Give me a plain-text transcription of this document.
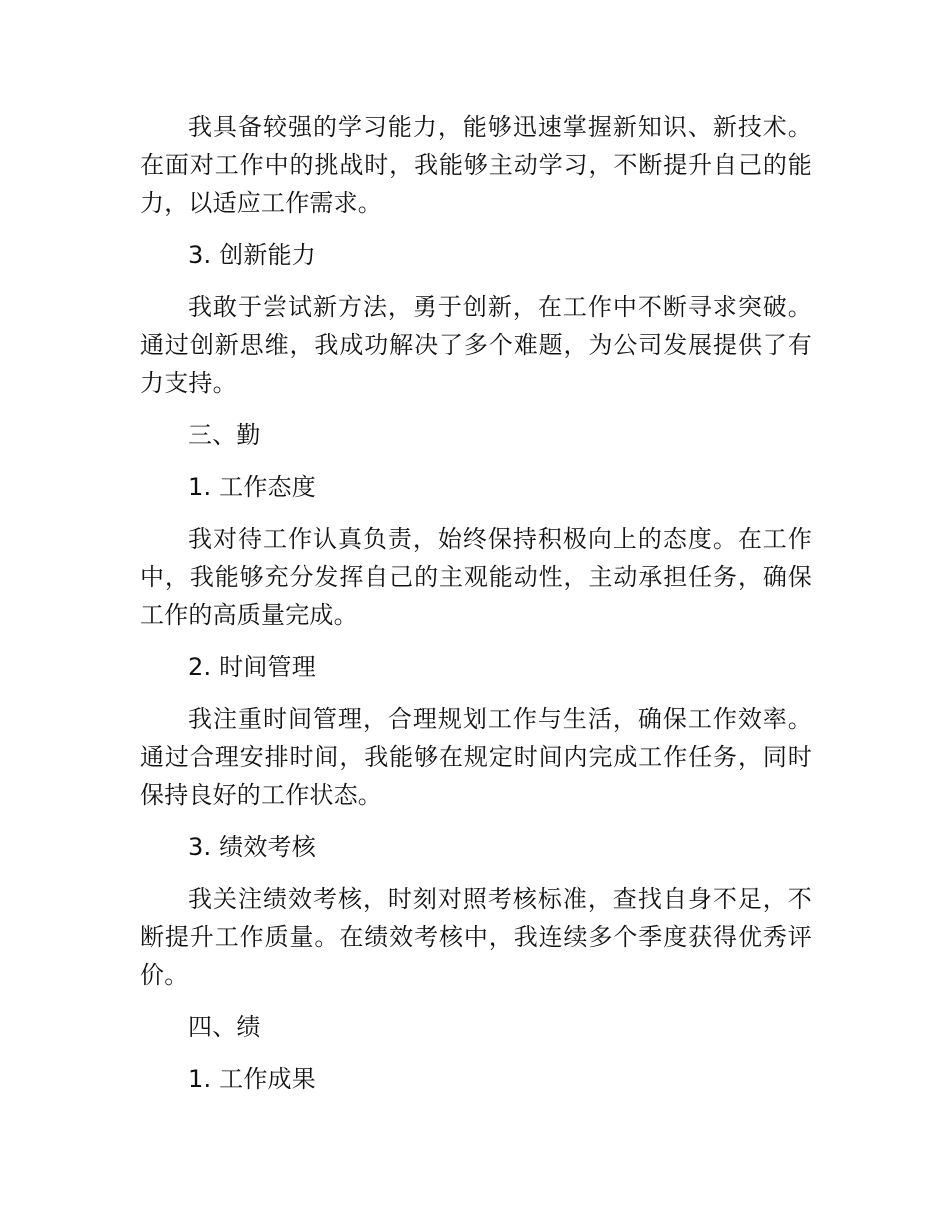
我具备较强的学习能力，能够迅速掌握新知识、新技术。在面对工作中的挑战时，我能够主动学习，不断提升自己的能力，以适应工作需求。

3. 创新能力

我敢于尝试新方法，勇于创新，在工作中不断寻求突破。通过创新思维，我成功解决了多个难题，为公司发展提供了有力支持。

三、勤

1. 工作态度

我对待工作认真负责，始终保持积极向上的态度。在工作中，我能够充分发挥自己的主观能动性，主动承担任务，确保工作的高质量完成。

2. 时间管理

我注重时间管理，合理规划工作与生活，确保工作效率。通过合理安排时间，我能够在规定时间内完成工作任务，同时保持良好的工作状态。

3. 绩效考核

我关注绩效考核，时刻对照考核标准，查找自身不足，不断提升工作质量。在绩效考核中，我连续多个季度获得优秀评价。

四、绩

1. 工作成果
